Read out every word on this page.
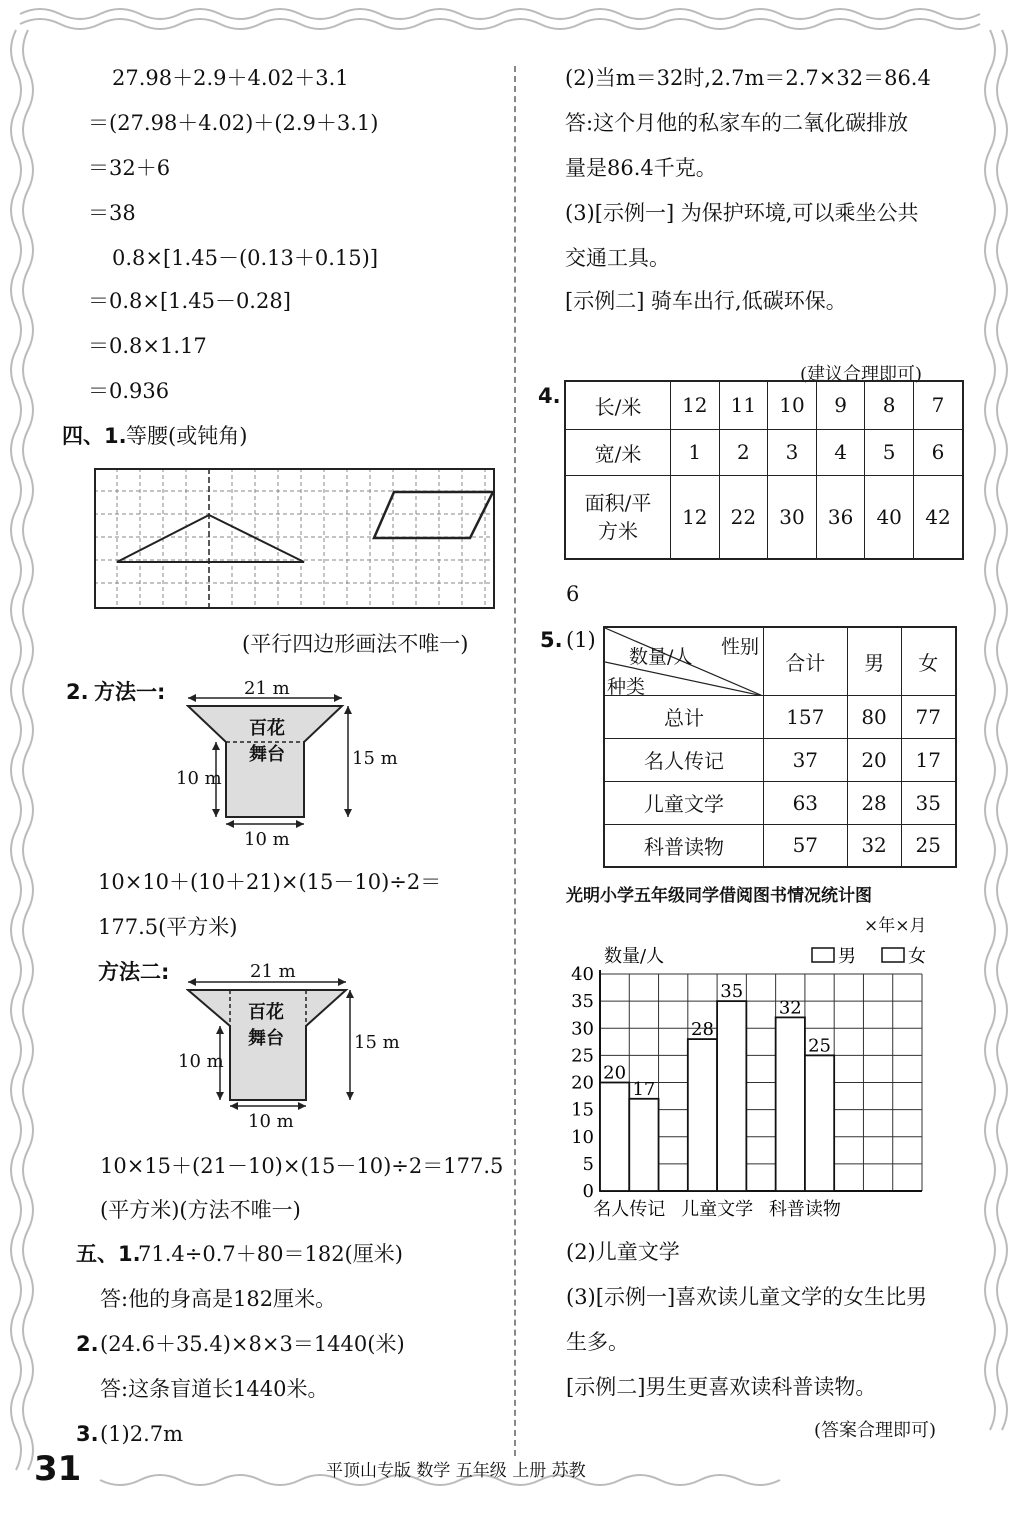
27.98＋2.9＋4.02＋3.1
＝(27.98＋4.02)＋(2.9＋3.1)
＝32＋6
＝38
0.8×[1.45－(0.13＋0.15)]
＝0.8×[1.45－0.28]
＝0.8×1.17
＝0.936
四、1. 等腰(或钝角)
(平行四边形画法不唯一)
2. 方法一:	21 m
百花
舞台
10 m
15 m
10 m
10×10＋(10＋21)×(15－10)÷2＝
177.5(平方米)
方法二:	21 m
百花
舞台
10 m
15 m
10 m
10×15＋(21－10)×(15－10)÷2＝177.5
(平方米)(方法不唯一)
五、1.
71.4÷0.7＋80＝182(厘米)
答:他的身高是182厘米。
2. (24.6＋35.4)×8×3＝1440(米)
答:这条盲道长1440米。
3. (1)2.7m
(2)当m＝32时,2.7m＝2.7×32＝86.4
答:这个月他的私家车的二氧化碳排放
量是86.4千克。
(3)[示例一] 为保护环境,可以乘坐公共
交通工具。
[示例二] 骑车出行,低碳环保。
(建议合理即可)
4. 长/米	12	11	10	9	8	7
宽/米	1	2	3	4	5	6
面积/平方米	12	22	30	36	40	42
6
5. (1)	性别
数量/人
种类	合计	男	女
总计	157	80	77
名人传记	37	20	17
儿童文学	63	28	35
科普读物	57	32	25
光明小学五年级同学借阅图书情况统计图
×年×月
0
5
10
15
20
25
30
35
40
数量/人	男	女
20
17
名人传记
28
35
儿童文学
32
25
科普读物
(2)儿童文学
(3)[示例一]喜欢读儿童文学的女生比男
生多。
[示例二]男生更喜欢读科普读物。
(答案合理即可)
31	平顶山专版 数学 五年级 上册 苏教
